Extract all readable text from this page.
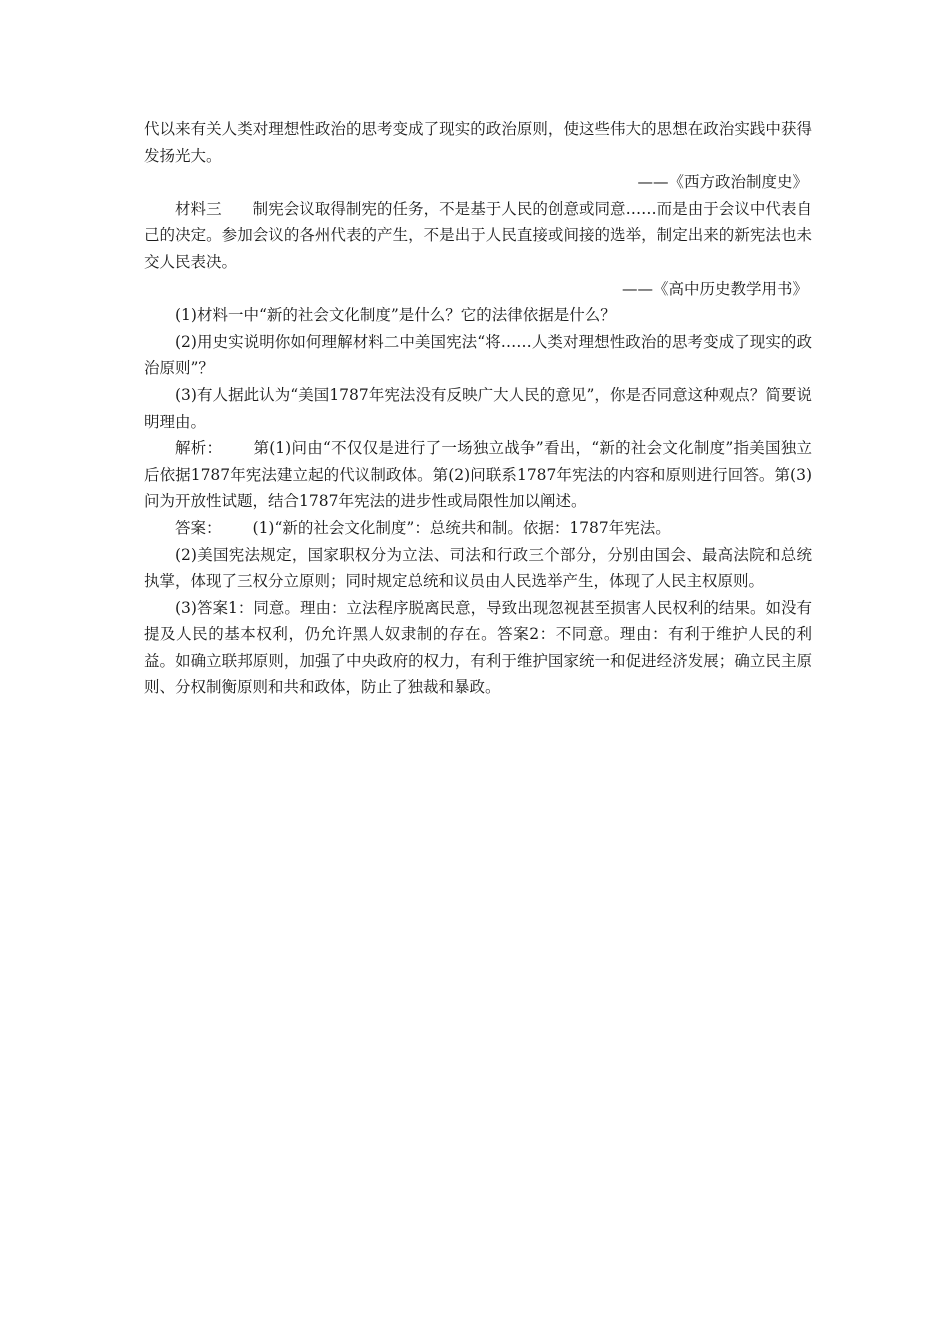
代以来有关人类对理想性政治的思考变成了现实的政治原则，使这些伟大的思想在政治实践中获得发扬光大。

——《西方政治制度史》

材料三 制宪会议取得制宪的任务，不是基于人民的创意或同意……而是由于会议中代表自己的决定。参加会议的各州代表的产生，不是出于人民直接或间接的选举，制定出来的新宪法也未交人民表决。

——《高中历史教学用书》

(1)材料一中“新的社会文化制度”是什么？它的法律依据是什么？

(2)用史实说明你如何理解材料二中美国宪法“将……人类对理想性政治的思考变成了现实的政治原则”？

(3)有人据此认为“美国1787年宪法没有反映广大人民的意见”，你是否同意这种观点？简要说明理由。

解析： 第(1)问由“不仅仅是进行了一场独立战争”看出，“新的社会文化制度”指美国独立后依据1787年宪法建立起的代议制政体。第(2)问联系1787年宪法的内容和原则进行回答。第(3)问为开放性试题，结合1787年宪法的进步性或局限性加以阐述。

答案： (1)“新的社会文化制度”：总统共和制。依据：1787年宪法。

(2)美国宪法规定，国家职权分为立法、司法和行政三个部分，分别由国会、最高法院和总统执掌，体现了三权分立原则；同时规定总统和议员由人民选举产生，体现了人民主权原则。

(3)答案1：同意。理由：立法程序脱离民意，导致出现忽视甚至损害人民权利的结果。如没有提及人民的基本权利，仍允许黑人奴隶制的存在。答案2：不同意。理由：有利于维护人民的利益。如确立联邦原则，加强了中央政府的权力，有利于维护国家统一和促进经济发展；确立民主原则、分权制衡原则和共和政体，防止了独裁和暴政。
